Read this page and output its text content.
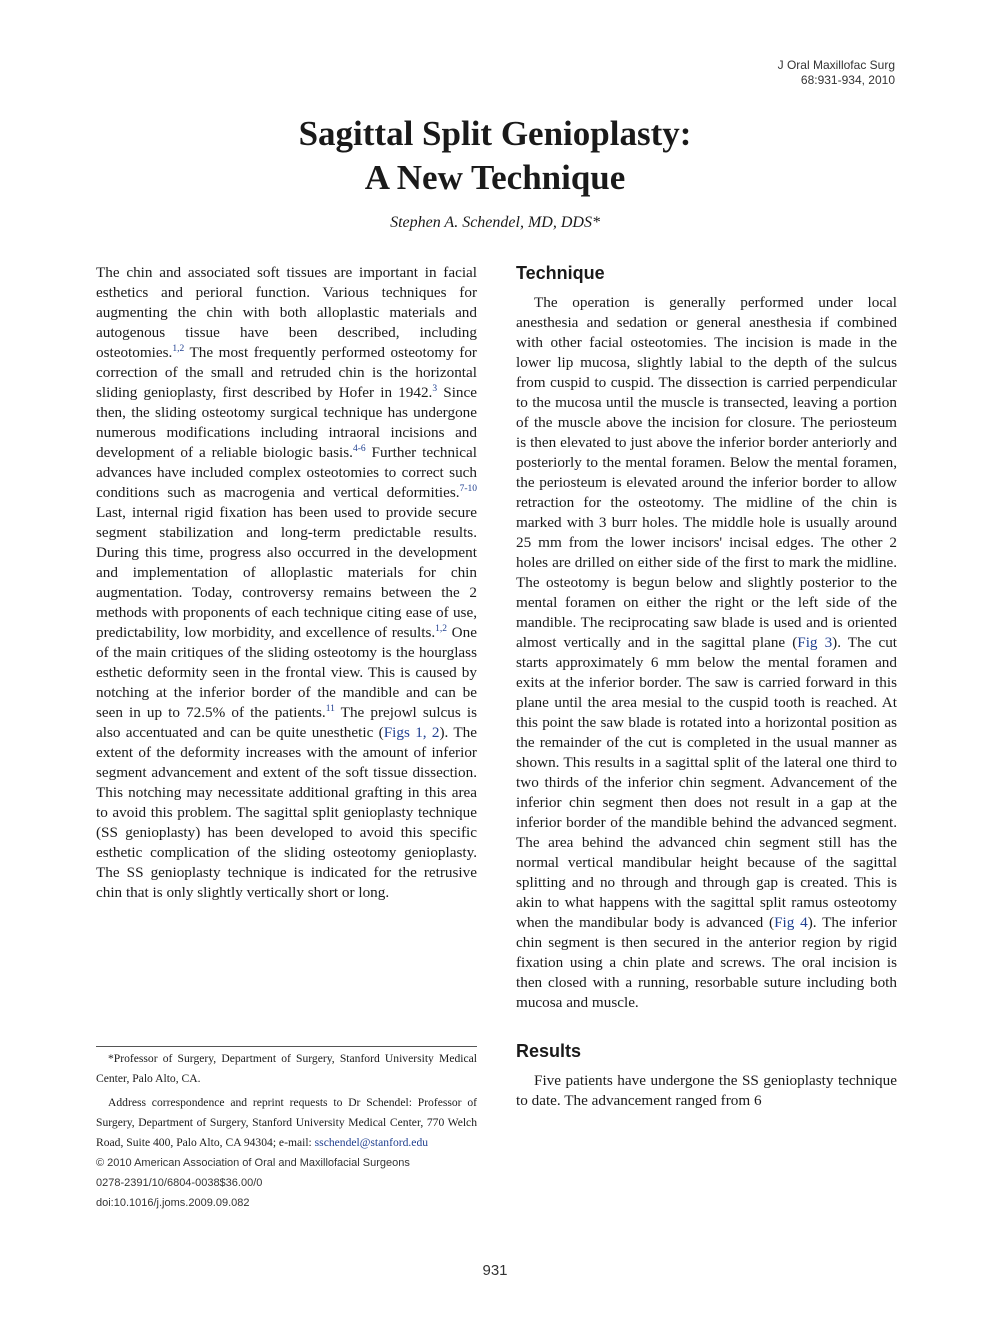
J Oral Maxillofac Surg
68:931-934, 2010
Sagittal Split Genioplasty:
A New Technique
Stephen A. Schendel, MD, DDS*

The chin and associated soft tissues are important in facial esthetics and perioral function. Various techniques for augmenting the chin with both alloplastic materials and autogenous tissue have been described, including osteotomies.$^{1,2}$ The most frequently performed osteotomy for correction of the small and retruded chin is the horizontal sliding genioplasty, first described by Hofer in 1942.$^3$ Since then, the sliding osteotomy surgical technique has undergone numerous modifications including intraoral incisions and development of a reliable biologic basis.$^{4-6}$ Further technical advances have included complex osteotomies to correct such conditions such as macrogenia and vertical deformities.$^{7-10}$ Last, internal rigid fixation has been used to provide secure segment stabilization and long-term predictable results. During this time, progress also occurred in the development and implementation of alloplastic materials for chin augmentation. Today, controversy remains between the 2 methods with proponents of each technique citing ease of use, predictability, low morbidity, and excellence of results.$^{1,2}$ One of the main critiques of the sliding osteotomy is the hourglass esthetic deformity seen in the frontal view. This is caused by notching at the inferior border of the mandible and can be seen in up to 72.5% of the patients.$^{11}$ The prejowl sulcus is also accentuated and can be quite unesthetic (Figs 1, 2). The extent of the deformity increases with the amount of inferior segment advancement and extent of the soft tissue dissection. This notching may necessitate additional grafting in this area to avoid this problem. The sagittal split genioplasty technique (SS genioplasty) has been developed to avoid this specific esthetic complication of the sliding osteotomy genioplasty. The SS genioplasty technique is indicated for the retrusive chin that is only slightly vertically short or long.

*Professor of Surgery, Department of Surgery, Stanford University Medical Center, Palo Alto, CA.

Address correspondence and reprint requests to Dr Schendel: Professor of Surgery, Department of Surgery, Stanford University Medical Center, 770 Welch Road, Suite 400, Palo Alto, CA 94304; e-mail: sschendel@stanford.edu

© 2010 American Association of Oral and Maxillofacial Surgeons

0278-2391/10/6804-0038$36.00/0

doi:10.1016/j.joms.2009.09.082

Technique

The operation is generally performed under local anesthesia and sedation or general anesthesia if combined with other facial osteotomies. The incision is made in the lower lip mucosa, slightly labial to the depth of the sulcus from cuspid to cuspid. The dissection is carried perpendicular to the mucosa until the muscle is transected, leaving a portion of the muscle above the incision for closure. The periosteum is then elevated to just above the inferior border anteriorly and posteriorly to the mental foramen. Below the mental foramen, the periosteum is elevated around the inferior border to allow retraction for the osteotomy. The midline of the chin is marked with 3 burr holes. The middle hole is usually around 25 mm from the lower incisors' incisal edges. The other 2 holes are drilled on either side of the first to mark the midline. The osteotomy is begun below and slightly posterior to the mental foramen on either the right or the left side of the mandible. The reciprocating saw blade is used and is oriented almost vertically and in the sagittal plane (Fig 3). The cut starts approximately 6 mm below the mental foramen and exits at the inferior border. The saw is carried forward in this plane until the area mesial to the cuspid tooth is reached. At this point the saw blade is rotated into a horizontal position as the remainder of the cut is completed in the usual manner as shown. This results in a sagittal split of the lateral one third to two thirds of the inferior chin segment. Advancement of the inferior chin segment then does not result in a gap at the inferior border of the mandible behind the advanced segment. The area behind the advanced chin segment still has the normal vertical mandibular height because of the sagittal splitting and no through and through gap is created. This is akin to what happens with the sagittal split ramus osteotomy when the mandibular body is advanced (Fig 4). The inferior chin segment is then secured in the anterior region by rigid fixation using a chin plate and screws. The oral incision is then closed with a running, resorbable suture including both mucosa and muscle.

Results

Five patients have undergone the SS genioplasty technique to date. The advancement ranged from 6

931
